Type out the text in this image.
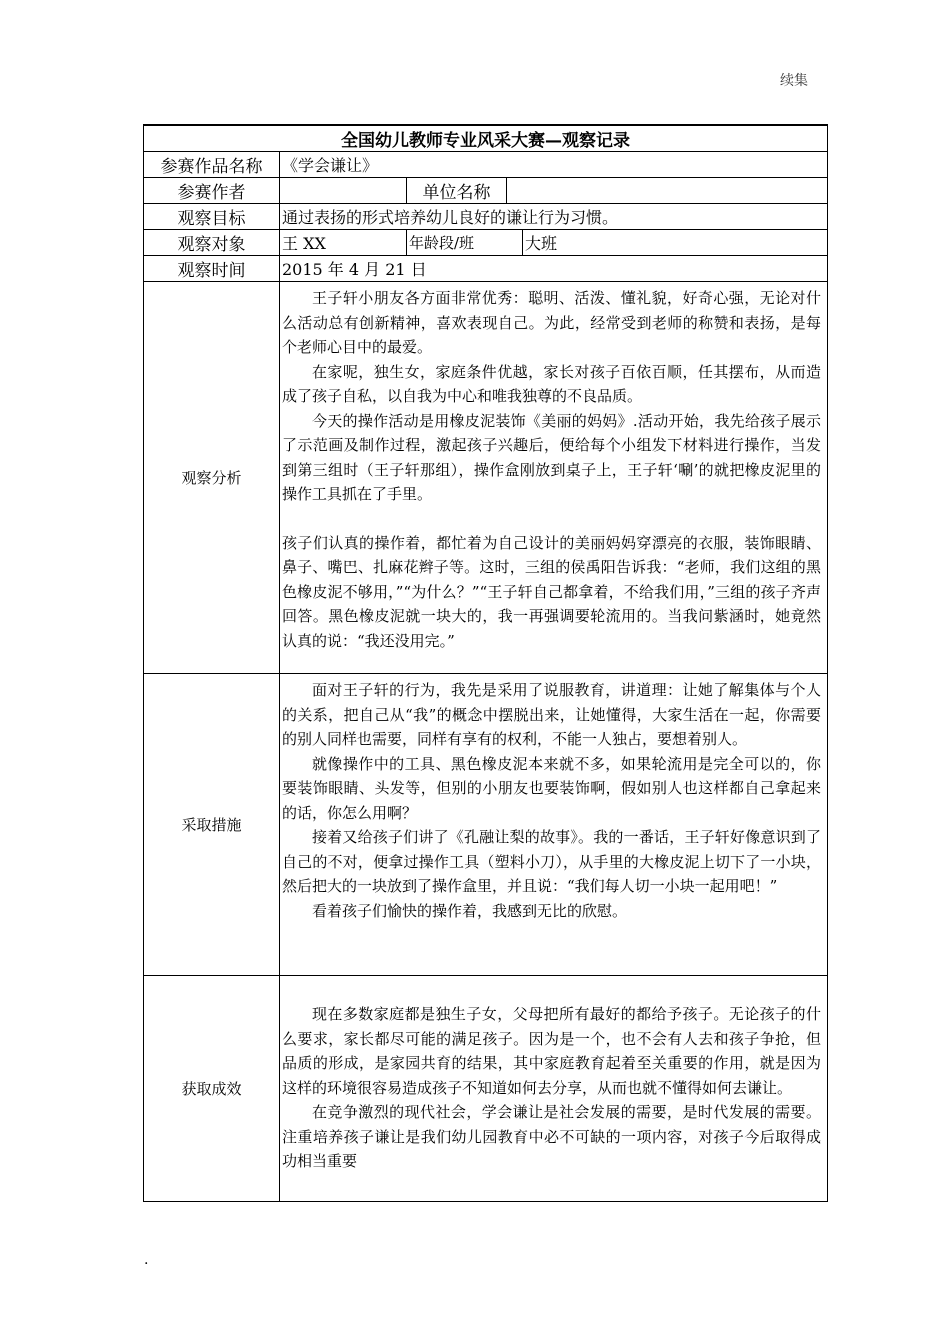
续集
全国幼儿教师专业风采大赛—观察记录				
参赛作品名称	《学会谦让》			
参赛作者		单位名称		
观察目标	通过表扬的形式培养幼儿良好的谦让行为习惯。			
观察对象	王 XX	年龄段/班		大班
观察时间	2015 年 4 月 21 日			
观察分析	王子轩小朋友各方面非常优秀：聪明、活泼、懂礼貌，好奇心强，无论对什么活动总有创新精神，喜欢表现自己。为此，经常受到老师的称赞和表扬，是每个老师心目中的最爱。

在家呢，独生女，家庭条件优越，家长对孩子百依百顺，任其摆布，从而造成了孩子自私，以自我为中心和唯我独尊的不良品质。

今天的操作活动是用橡皮泥装饰《美丽的妈妈》.活动开始，我先给孩子展示了示范画及制作过程，激起孩子兴趣后，便给每个小组发下材料进行操作，当发到第三组时（王子轩那组），操作盒刚放到桌子上，王子轩‘唰’的就把橡皮泥里的操作工具抓在了手里。

孩子们认真的操作着，都忙着为自己设计的美丽妈妈穿漂亮的衣服，装饰眼睛、鼻子、嘴巴、扎麻花辫子等。这时，三组的侯禹阳告诉我：“老师，我们这组的黑色橡皮泥不够用，”“为什么？”“王子轩自己都拿着，不给我们用，”三组的孩子齐声回答。黑色橡皮泥就一块大的，我一再强调要轮流用的。当我问紫涵时，她竟然认真的说：“我还没用完。”			

采取措施	面对王子轩的行为，我先是采用了说服教育，讲道理：让她了解集体与个人的关系，把自己从“我”的概念中摆脱出来，让她懂得，大家生活在一起，你需要的别人同样也需要，同样有享有的权利，不能一人独占，要想着别人。

就像操作中的工具、黑色橡皮泥本来就不多，如果轮流用是完全可以的，你要装饰眼睛、头发等，但别的小朋友也要装饰啊，假如别人也这样都自己拿起来的话，你怎么用啊？

接着又给孩子们讲了《孔融让梨的故事》。我的一番话，王子轩好像意识到了自己的不对，便拿过操作工具（塑料小刀），从手里的大橡皮泥上切下了一小块，然后把大的一块放到了操作盒里，并且说：“我们每人切一小块一起用吧！”

看着孩子们愉快的操作着，我感到无比的欣慰。			

获取成效	现在多数家庭都是独生子女，父母把所有最好的都给予孩子。无论孩子的什么要求，家长都尽可能的满足孩子。因为是一个，也不会有人去和孩子争抢，但品质的形成，是家园共育的结果，其中家庭教育起着至关重要的作用，就是因为这样的环境很容易造成孩子不知道如何去分享，从而也就不懂得如何去谦让。

在竞争激烈的现代社会，学会谦让是社会发展的需要，是时代发展的需要。注重培养孩子谦让是我们幼儿园教育中必不可缺的一项内容，对孩子今后取得成功相当重要			

.
